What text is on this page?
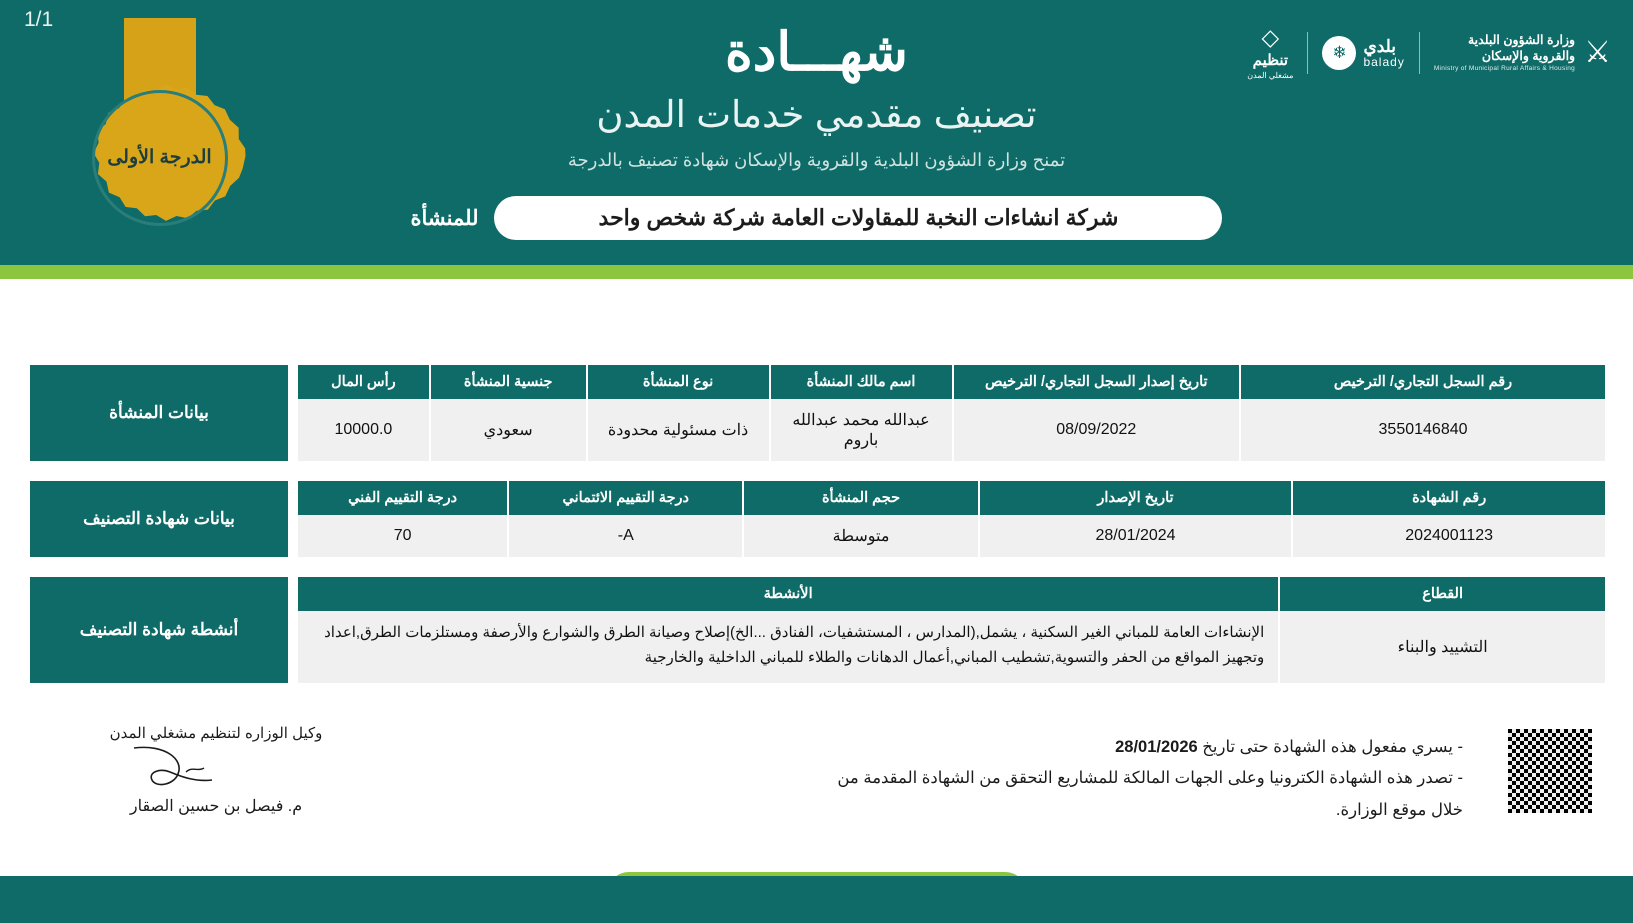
1/1
الدرجة الأولى
شهـــادة
تصنيف مقدمي خدمات المدن
تمنح وزارة الشؤون البلدية والقروية والإسكان شهادة تصنيف بالدرجة
شركة انشاءات النخبة للمقاولات العامة شركة شخص واحد
للمنشأة
◇
تنظيم
مشغلي المدن
❄ بلدي
balady
وزارة الشؤون البلدية
والقروية والإسكان
Ministry of Municipal Rural Affairs & Housing ⚔
رقم السجل التجاري/ الترخيص
تاريخ إصدار السجل التجاري/ الترخيص
اسم مالك المنشأة
نوع المنشأة
جنسية المنشأة
رأس المال
3550146840
08/09/2022
عبدالله محمد عبدالله باروم
ذات مسئولية محدودة
سعودي
10000.0
بيانات المنشأة
رقم الشهادة
تاريخ الإصدار
حجم المنشأة
درجة التقييم الائتماني
درجة التقييم الفني
2024001123
28/01/2024
متوسطة
-A
70
بيانات شهادة التصنيف
القطاع
الأنشطة
التشييد والبناء
الإنشاءات العامة للمباني الغير السكنية ، يشمل,(المدارس ، المستشفيات، الفنادق ...الخ)إصلاح وصيانة الطرق والشوارع والأرصفة ومستلزمات الطرق,اعداد وتجهيز المواقع من الحفر والتسوية,تشطيب المباني,أعمال الدهانات والطلاء للمباني الداخلية والخارجية
أنشطة شهادة التصنيف
- يسري مفعول هذه الشهادة حتى تاريخ 28/01/2026
- تصدر هذه الشهادة الكترونيا وعلى الجهات المالكة للمشاريع التحقق من الشهادة المقدمة من خلال موقع الوزارة.
وكيل الوزاره لتنظيم مشغلي المدن
م. فيصل بن حسين الصقار
